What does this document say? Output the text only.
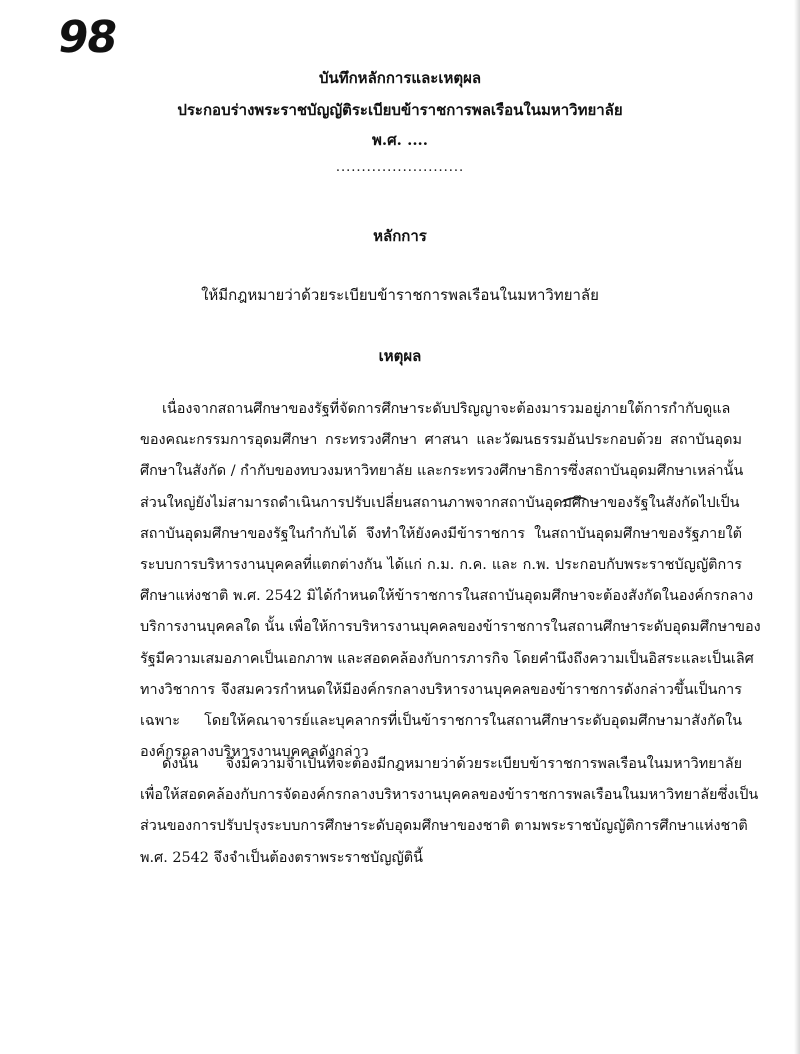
98
บันทึกหลักการและเหตุผล
ประกอบร่างพระราชบัญญัติระเบียบข้าราชการพลเรือนในมหาวิทยาลัย
พ.ศ. ....
.........................
หลักการ
ให้มีกฎหมายว่าด้วยระเบียบข้าราชการพลเรือนในมหาวิทยาลัย
เหตุผล
เนื่องจากสถานศึกษาของรัฐที่จัดการศึกษาระดับปริญญาจะต้องมารวมอยู่ภายใต้การกำกับดูแล
ของคณะกรรมการอุดมศึกษา กระทรวงศึกษา ศาสนา และวัฒนธรรมอันประกอบด้วย สถาบันอุดม
ศึกษาในสังกัด / กำกับของทบวงมหาวิทยาลัย และกระทรวงศึกษาธิการซึ่งสถาบันอุดมศึกษาเหล่านั้น
ส่วนใหญ่ยังไม่สามารถดำเนินการปรับเปลี่ยนสถานภาพจากสถาบันอุดมศึกษาของรัฐในสังกัดไปเป็น
สถาบันอุดมศึกษาของรัฐในกำกับได้ จึงทำให้ยังคงมีข้าราชการ ในสถาบันอุดมศึกษาของรัฐภายใต้
ระบบการบริหารงานบุคคลที่แตกต่างกัน ได้แก่ ก.ม. ก.ค. และ ก.พ. ประกอบกับพระราชบัญญัติการ
ศึกษาแห่งชาติ พ.ศ. 2542 มิได้กำหนดให้ข้าราชการในสถาบันอุดมศึกษาจะต้องสังกัดในองค์กรกลาง
บริการงานบุคคลใด นั้น เพื่อให้การบริหารงานบุคคลของข้าราชการในสถานศึกษาระดับอุดมศึกษาของ
รัฐมีความเสมอภาคเป็นเอกภาพ และสอดคล้องกับการภารกิจ โดยคำนึงถึงความเป็นอิสระและเป็นเลิศ
ทางวิชาการ จึงสมควรกำหนดให้มีองค์กรกลางบริหารงานบุคคลของข้าราชการดังกล่าวขึ้นเป็นการ
เฉพาะ โดยให้คณาจารย์และบุคลากรที่เป็นข้าราชการในสถานศึกษาระดับอุดมศึกษามาสังกัดใน
องค์กรกลางบริหารงานบุคคลดังกล่าว
ดังนั้น จึงมีความจำเป็นที่จะต้องมีกฎหมายว่าด้วยระเบียบข้าราชการพลเรือนในมหาวิทยาลัย
เพื่อให้สอดคล้องกับการจัดองค์กรกลางบริหารงานบุคคลของข้าราชการพลเรือนในมหาวิทยาลัยซึ่งเป็น
ส่วนของการปรับปรุงระบบการศึกษาระดับอุดมศึกษาของชาติ ตามพระราชบัญญัติการศึกษาแห่งชาติ
พ.ศ. 2542 จึงจำเป็นต้องตราพระราชบัญญัตินี้
